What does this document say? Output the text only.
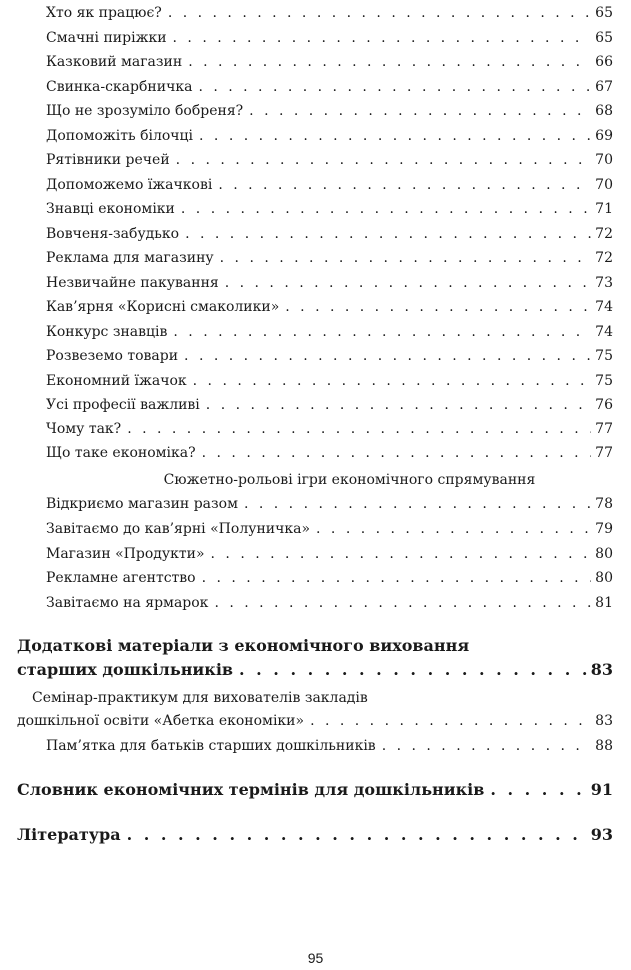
Хто як працює? . . .	65
Смачні пиріжки . . .	65
Казковий магазин . . .	66
Свинка-скарбничка . . .	67
Що не зрозуміло бобреня? . . .	68
Допоможіть білочці . . .	69
Рятівники речей . . .	70
Допоможемо їжачкові . . .	70
Знавці економіки . . .	71
Вовченя-забудько . . .	72
Реклама для магазину . . .	72
Незвичайне пакування . . .	73
Кав’ярня «Корисні смаколики» . . .	74
Конкурс знавців . . .	74
Розвеземо товари . . .	75
Економний їжачок . . .	75
Усі професії важливі . . .	76
Чому так? . . .	77
Що таке економіка? . . .	77
Сюжетно-рольові ігри економічного спрямування
Відкриємо магазин разом . . .	78
Завітаємо до кав’ярні «Полуничка» . . .	79
Магазин «Продукти» . . .	80
Рекламне агентство . . .	80
Завітаємо на ярмарок . . .	81
Додаткові матеріали з економічного виховання
старших дошкільників . . .	83
Семінар-практикум для вихователів закладів
дошкільної освіти «Абетка економіки» . . .	83
Пам’ятка для батьків старших дошкільників . . .	88
Словник економічних термінів для дошкільників . . .	91
Література . . .	93
95
